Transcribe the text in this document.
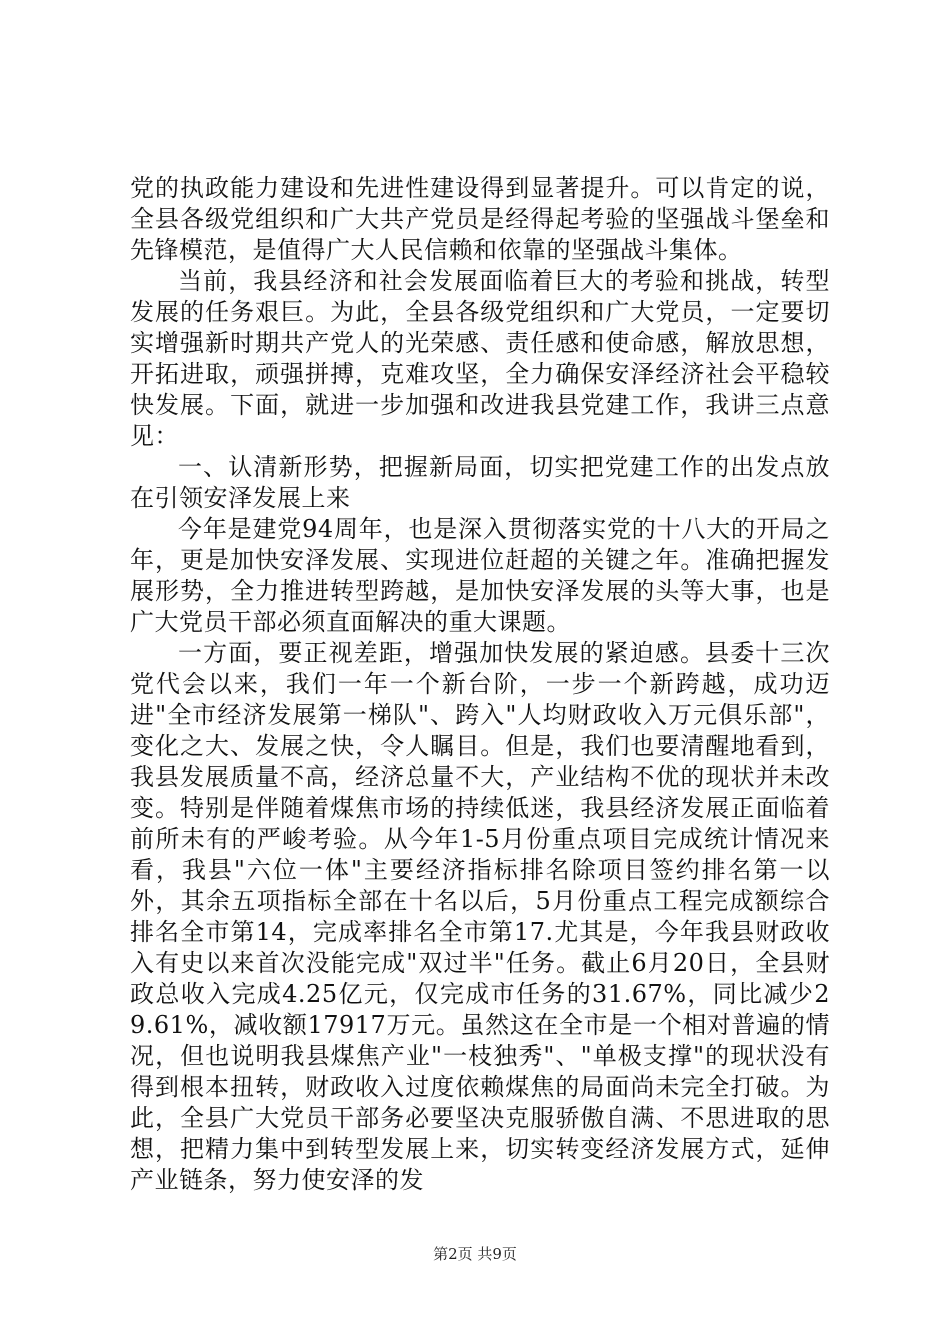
党的执政能力建设和先进性建设得到显著提升。可以肯定的说，全县各级党组织和广大共产党员是经得起考验的坚强战斗堡垒和先锋模范，是值得广大人民信赖和依靠的坚强战斗集体。

当前，我县经济和社会发展面临着巨大的考验和挑战，转型发展的任务艰巨。为此，全县各级党组织和广大党员，一定要切实增强新时期共产党人的光荣感、责任感和使命感，解放思想，开拓进取，顽强拼搏，克难攻坚，全力确保安泽经济社会平稳较快发展。下面，就进一步加强和改进我县党建工作，我讲三点意见：

一、认清新形势，把握新局面，切实把党建工作的出发点放在引领安泽发展上来

今年是建党94周年，也是深入贯彻落实党的十八大的开局之年，更是加快安泽发展、实现进位赶超的关键之年。准确把握发展形势，全力推进转型跨越，是加快安泽发展的头等大事，也是广大党员干部必须直面解决的重大课题。

一方面，要正视差距，增强加快发展的紧迫感。县委十三次党代会以来，我们一年一个新台阶，一步一个新跨越，成功迈进"全市经济发展第一梯队"、跨入"人均财政收入万元俱乐部"，变化之大、发展之快，令人瞩目。但是，我们也要清醒地看到，我县发展质量不高，经济总量不大，产业结构不优的现状并未改变。特别是伴随着煤焦市场的持续低迷，我县经济发展正面临着前所未有的严峻考验。从今年1-5月份重点项目完成统计情况来看，我县"六位一体"主要经济指标排名除项目签约排名第一以外，其余五项指标全部在十名以后，5月份重点工程完成额综合排名全市第14，完成率排名全市第17.尤其是，今年我县财政收入有史以来首次没能完成"双过半"任务。截止6月20日，全县财政总收入完成4.25亿元，仅完成市任务的31.67%，同比减少29.61%，减收额17917万元。虽然这在全市是一个相对普遍的情况，但也说明我县煤焦产业"一枝独秀"、"单极支撑"的现状没有得到根本扭转，财政收入过度依赖煤焦的局面尚未完全打破。为此，全县广大党员干部务必要坚决克服骄傲自满、不思进取的思想，把精力集中到转型发展上来，切实转变经济发展方式，延伸产业链条，努力使安泽的发

第2页 共9页
